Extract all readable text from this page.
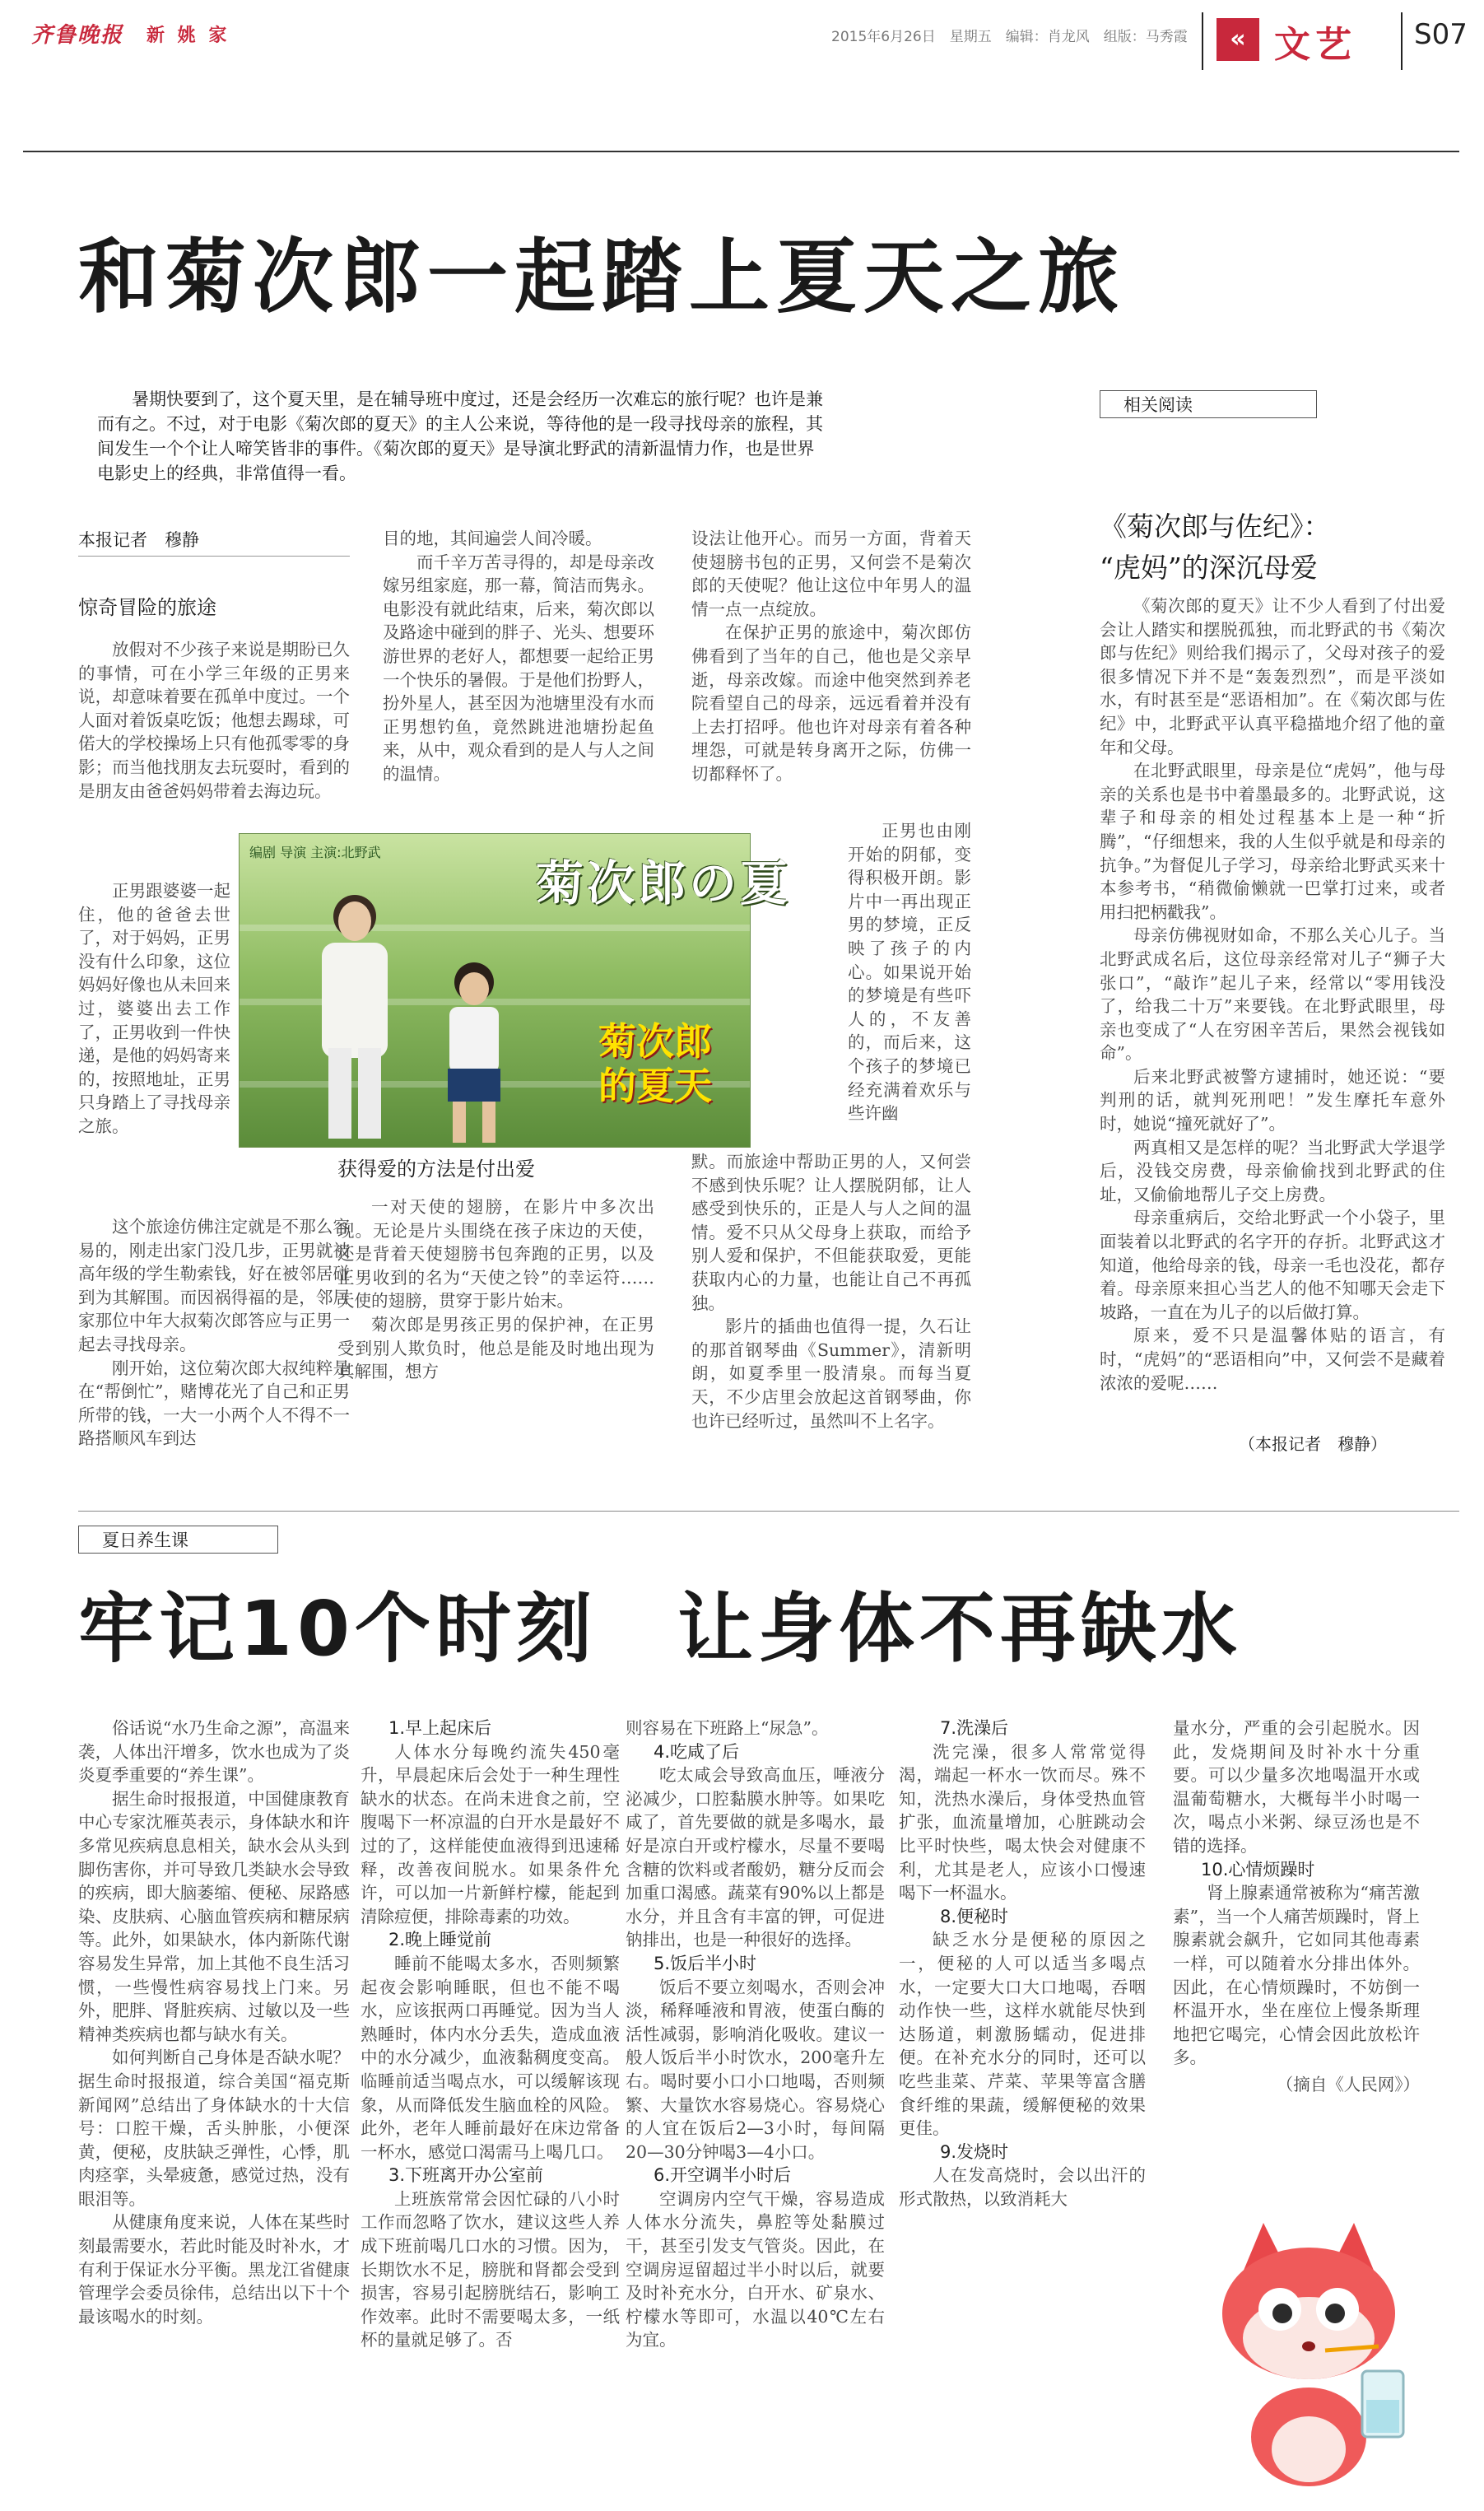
齐鲁晚报 新 姚 家	2015年6月26日　星期五　编辑：肖龙风　组版：马秀霞	« 文艺 S07
和菊次郎一起踏上夏天之旅
暑期快要到了，这个夏天里，是在辅导班中度过，还是会经历一次难忘的旅行呢？也许是兼而有之。不过，对于电影《菊次郎的夏天》的主人公来说，等待他的是一段寻找母亲的旅程，其间发生一个个让人啼笑皆非的事件。《菊次郎的夏天》是导演北野武的清新温情力作，也是世界电影史上的经典，非常值得一看。
本报记者　穆静
惊奇冒险的旅途

放假对不少孩子来说是期盼已久的事情，可在小学三年级的正男来说，却意味着要在孤单中度过。一个人面对着饭桌吃饭；他想去踢球，可偌大的学校操场上只有他孤零零的身影；而当他找朋友去玩耍时，看到的是朋友由爸爸妈妈带着去海边玩。

正男跟婆婆一起住，他的爸爸去世了，对于妈妈，正男没有什么印象，这位妈妈好像也从未回来过，婆婆出去工作了，正男收到一件快递，是他的妈妈寄来的，按照地址，正男只身踏上了寻找母亲之旅。

这个旅途仿佛注定就是不那么容易的，刚走出家门没几步，正男就被高年级的学生勒索钱，好在被邻居碰到为其解围。而因祸得福的是，邻居家那位中年大叔菊次郎答应与正男一起去寻找母亲。

刚开始，这位菊次郎大叔纯粹是在“帮倒忙”，赌博花光了自己和正男所带的钱，一大一小两个人不得不一路搭顺风车到达

目的地，其间遍尝人间冷暖。

而千辛万苦寻得的，却是母亲改嫁另组家庭，那一幕，简洁而隽永。电影没有就此结束，后来，菊次郎以及路途中碰到的胖子、光头、想要环游世界的老好人，都想要一起给正男一个快乐的暑假。于是他们扮野人，扮外星人，甚至因为池塘里没有水而正男想钓鱼，竟然跳进池塘扮起鱼来，从中，观众看到的是人与人之间的温情。

编剧 导演 主演:北野武
菊次郎の夏
菊次郎的夏天
获得爱的方法是付出爱

一对天使的翅膀，在影片中多次出现。无论是片头围绕在孩子床边的天使，还是背着天使翅膀书包奔跑的正男，以及正男收到的名为“天使之铃”的幸运符……天使的翅膀，贯穿于影片始末。

菊次郎是男孩正男的保护神，在正男受到别人欺负时，他总是能及时地出现为其解围，想方

设法让他开心。而另一方面，背着天使翅膀书包的正男，又何尝不是菊次郎的天使呢？他让这位中年男人的温情一点一点绽放。

在保护正男的旅途中，菊次郎仿佛看到了当年的自己，他也是父亲早逝，母亲改嫁。而途中他突然到养老院看望自己的母亲，远远看着并没有上去打招呼。他也许对母亲有着各种埋怨，可就是转身离开之际，仿佛一切都释怀了。

正男也由刚开始的阴郁，变得积极开朗。影片中一再出现正男的梦境，正反映了孩子的内心。如果说开始的梦境是有些吓人的，不友善的，而后来，这个孩子的梦境已经充满着欢乐与些许幽

默。而旅途中帮助正男的人，又何尝不感到快乐呢？让人摆脱阴郁，让人感受到快乐的，正是人与人之间的温情。爱不只从父母身上获取，而给予别人爱和保护，不但能获取爱，更能获取内心的力量，也能让自己不再孤独。

影片的插曲也值得一提，久石让的那首钢琴曲《Summer》，清新明朗，如夏季里一股清泉。而每当夏天，不少店里会放起这首钢琴曲，你也许已经听过，虽然叫不上名字。

相关阅读
《菊次郎与佐纪》：
“虎妈”的深沉母爱

《菊次郎的夏天》让不少人看到了付出爱会让人踏实和摆脱孤独，而北野武的书《菊次郎与佐纪》则给我们揭示了，父母对孩子的爱很多情况下并不是“轰轰烈烈”，而是平淡如水，有时甚至是“恶语相加”。在《菊次郎与佐纪》中，北野武平认真平稳描地介绍了他的童年和父母。

在北野武眼里，母亲是位“虎妈”，他与母亲的关系也是书中着墨最多的。北野武说，这辈子和母亲的相处过程基本上是一种“折腾”，“仔细想来，我的人生似乎就是和母亲的抗争。”为督促儿子学习，母亲给北野武买来十本参考书，“稍微偷懒就一巴掌打过来，或者用扫把柄戳我”。

母亲仿佛视财如命，不那么关心儿子。当北野武成名后，这位母亲经常对儿子“狮子大张口”，“敲诈”起儿子来，经常以“零用钱没了，给我二十万”来要钱。在北野武眼里，母亲也变成了“人在穷困辛苦后，果然会视钱如命”。

后来北野武被警方逮捕时，她还说：“要判刑的话，就判死刑吧！”发生摩托车意外时，她说“撞死就好了”。

两真相又是怎样的呢？当北野武大学退学后，没钱交房费，母亲偷偷找到北野武的住址，又偷偷地帮儿子交上房费。

母亲重病后，交给北野武一个小袋子，里面装着以北野武的名字开的存折。北野武这才知道，他给母亲的钱，母亲一毛也没花，都存着。母亲原来担心当艺人的他不知哪天会走下坡路，一直在为儿子的以后做打算。

原来，爱不只是温馨体贴的语言，有时，“虎妈”的“恶语相向”中，又何尝不是藏着浓浓的爱呢……

（本报记者　穆静）
夏日养生课
牢记10个时刻　让身体不再缺水

俗话说“水乃生命之源”，高温来袭，人体出汗增多，饮水也成为了炎炎夏季重要的“养生课”。

据生命时报报道，中国健康教育中心专家沈雁英表示，身体缺水和许多常见疾病息息相关，缺水会从头到脚伤害你，并可导致几类缺水会导致的疾病，即大脑萎缩、便秘、尿路感染、皮肤病、心脑血管疾病和糖尿病等。此外，如果缺水，体内新陈代谢容易发生异常，加上其他不良生活习惯，一些慢性病容易找上门来。另外，肥胖、肾脏疾病、过敏以及一些精神类疾病也都与缺水有关。

如何判断自己身体是否缺水呢？据生命时报报道，综合美国“福克斯新闻网”总结出了身体缺水的十大信号：口腔干燥，舌头肿胀，小便深黄，便秘，皮肤缺乏弹性，心悸，肌肉痉挛，头晕疲惫，感觉过热，没有眼泪等。

从健康角度来说，人体在某些时刻最需要水，若此时能及时补水，才有利于保证水分平衡。黑龙江省健康管理学会委员徐伟，总结出以下十个最该喝水的时刻。

1.早上起床后

人体水分每晚约流失450毫升，早晨起床后会处于一种生理性缺水的状态。在尚未进食之前，空腹喝下一杯凉温的白开水是最好不过的了，这样能使血液得到迅速稀释，改善夜间脱水。如果条件允许，可以加一片新鲜柠檬，能起到清除痘便，排除毒素的功效。

2.晚上睡觉前

睡前不能喝太多水，否则频繁起夜会影响睡眠，但也不能不喝水，应该抿两口再睡觉。因为当人熟睡时，体内水分丢失，造成血液中的水分减少，血液黏稠度变高。临睡前适当喝点水，可以缓解该现象，从而降低发生脑血栓的风险。此外，老年人睡前最好在床边常备一杯水，感觉口渴需马上喝几口。

3.下班离开办公室前

上班族常常会因忙碌的八小时工作而忽略了饮水，建议这些人养成下班前喝几口水的习惯。因为，长期饮水不足，膀胱和肾都会受到损害，容易引起膀胱结石，影响工作效率。此时不需要喝太多，一纸杯的量就足够了。否

则容易在下班路上“尿急”。

4.吃咸了后

吃太咸会导致高血压，唾液分泌减少，口腔黏膜水肿等。如果吃咸了，首先要做的就是多喝水，最好是凉白开或柠檬水，尽量不要喝含糖的饮料或者酸奶，糖分反而会加重口渴感。蔬菜有90%以上都是水分，并且含有丰富的钾，可促进钠排出，也是一种很好的选择。

5.饭后半小时

饭后不要立刻喝水，否则会冲淡，稀释唾液和胃液，使蛋白酶的活性减弱，影响消化吸收。建议一般人饭后半小时饮水，200毫升左右。喝时要小口小口地喝，否则频繁、大量饮水容易烧心。容易烧心的人宜在饭后2—3小时，每间隔20—30分钟喝3—4小口。

6.开空调半小时后

空调房内空气干燥，容易造成人体水分流失，鼻腔等处黏膜过干，甚至引发支气管炎。因此，在空调房逗留超过半小时以后，就要及时补充水分，白开水、矿泉水、柠檬水等即可，水温以40℃左右为宜。

7.洗澡后

洗完澡，很多人常常觉得渴，端起一杯水一饮而尽。殊不知，洗热水澡后，身体受热血管扩张，血流量增加，心脏跳动会比平时快些，喝太快会对健康不利，尤其是老人，应该小口慢速喝下一杯温水。

8.便秘时

缺乏水分是便秘的原因之一，便秘的人可以适当多喝点水，一定要大口大口地喝，吞咽动作快一些，这样水就能尽快到达肠道，刺激肠蠕动，促进排便。在补充水分的同时，还可以吃些韭菜、芹菜、苹果等富含膳食纤维的果蔬，缓解便秘的效果更佳。

9.发烧时

人在发高烧时，会以出汗的形式散热，以致消耗大

量水分，严重的会引起脱水。因此，发烧期间及时补水十分重要。可以少量多次地喝温开水或温葡萄糖水，大概每半小时喝一次，喝点小米粥、绿豆汤也是不错的选择。

10.心情烦躁时

肾上腺素通常被称为“痛苦激素”，当一个人痛苦烦躁时，肾上腺素就会飙升，它如同其他毒素一样，可以随着水分排出体外。因此，在心情烦躁时，不妨倒一杯温开水，坐在座位上慢条斯理地把它喝完，心情会因此放松许多。

（摘自《人民网》）
